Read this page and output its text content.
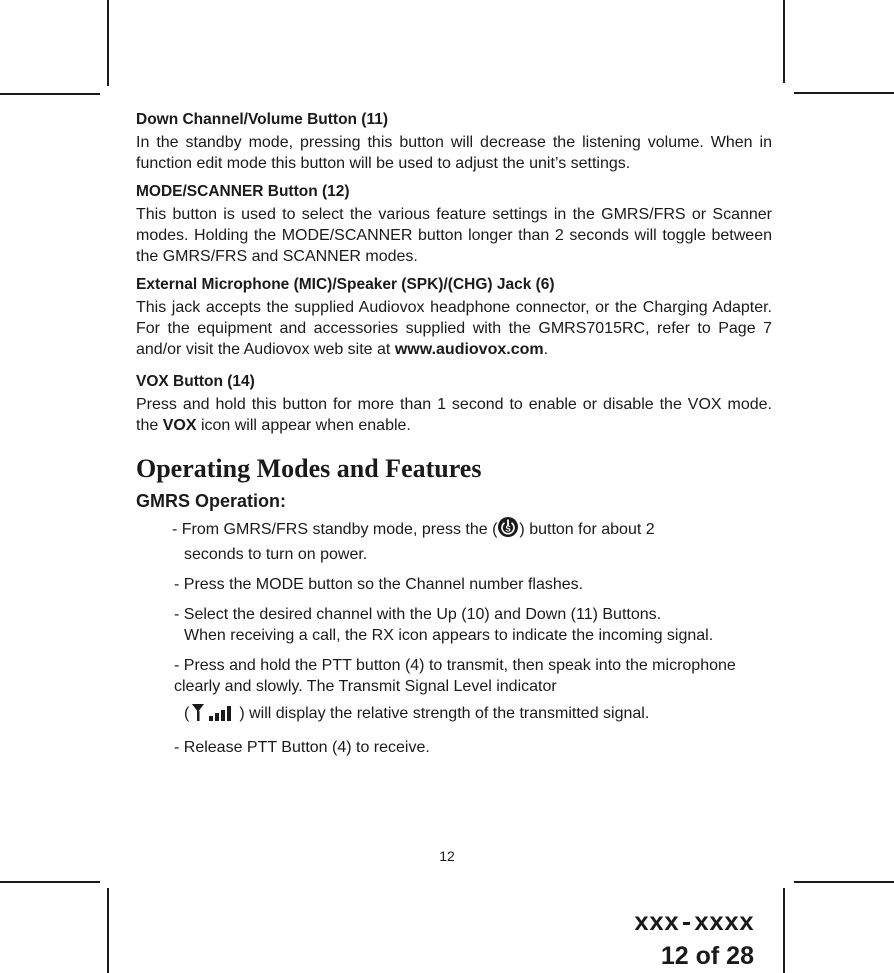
Down Channel/Volume Button (11)

In the standby mode, pressing this button will decrease the listening volume. When in function edit mode this button will be used to adjust the unit’s settings.

MODE/SCANNER Button (12)

This button is used to select the various feature settings in the GMRS/FRS or Scanner modes. Holding the MODE/SCANNER button longer than 2 seconds will toggle between the GMRS/FRS and SCANNER modes.

External Microphone (MIC)/Speaker (SPK)/(CHG) Jack (6)

This jack accepts the supplied Audiovox headphone connector, or the Charging Adapter. For the equipment and accessories supplied with the GMRS7015RC, refer to Page 7 and/or visit the Audiovox web site at www.audiovox.com.

VOX Button (14)

Press and hold this button for more than 1 second to enable or disable the VOX mode. the VOX icon will appear when enable.

Operating Modes and Features
GMRS Operation:
- From GMRS/FRS standby mode, press the ( S ) button for about 2
seconds to turn on power.
- Press the MODE button so the Channel number flashes.
- Select the desired channel with the Up (10) and Down (11) Buttons.
When receiving a call, the RX icon appears to indicate the incoming signal.
- Press and hold the PTT button (4) to transmit, then speak into the microphone clearly and slowly. The Transmit Signal Level indicator
(	) will display the relative strength of the transmitted signal.
- Release PTT Button (4) to receive.
12
xxx-xxxx
12 of 28
